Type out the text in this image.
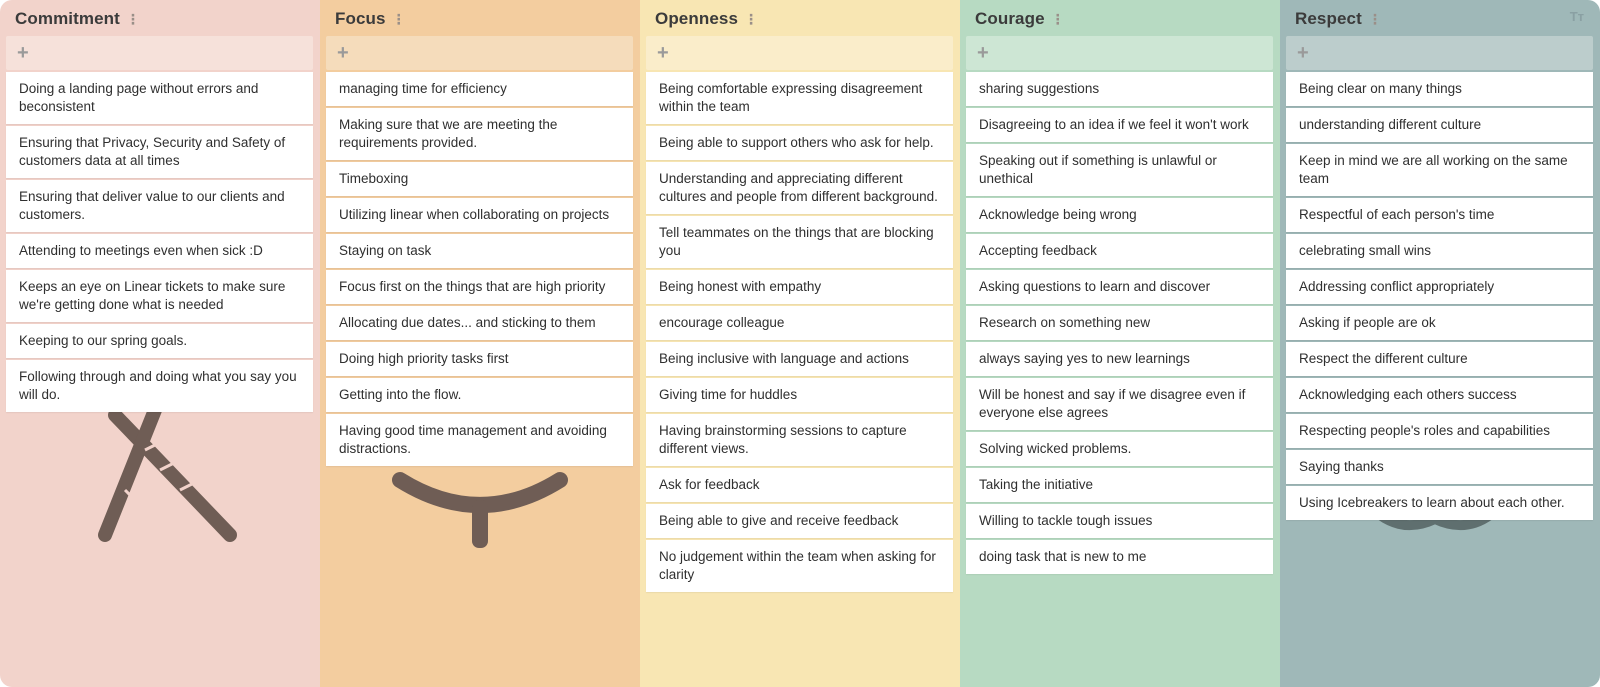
Commitment ⋮
+
Doing a landing page without errors and beconsistent
Ensuring that Privacy, Security and Safety of customers data at all times
Ensuring that deliver value to our clients and customers.
Attending to meetings even when sick :D
Keeps an eye on Linear tickets to make sure we're getting done what is needed
Keeping to our spring goals.
Following through and doing what you say you will do.
Focus ⋮
+
managing time for efficiency
Making sure that we are meeting the requirements provided.
Timeboxing
Utilizing linear when collaborating on projects
Staying on task
Focus first on the things that are high priority
Allocating due dates... and sticking to them
Doing high priority tasks first
Getting into the flow.
Having good time management and avoiding distractions.
Openness ⋮
+
Being comfortable expressing disagreement within the team
Being able to support others who ask for help.
Understanding and appreciating different cultures and people from different background.
Tell teammates on the things that are blocking you
Being honest with empathy
encourage colleague
Being inclusive with language and actions
Giving time for huddles
Having brainstorming sessions to capture different views.
Ask for feedback
Being able to give and receive feedback
No judgement within the team when asking for clarity
Courage ⋮
+
sharing suggestions
Disagreeing to an idea if we feel it won't work
Speaking out if something is unlawful or unethical
Acknowledge being wrong
Accepting feedback
Asking questions to learn and discover
Research on something new
always saying yes to new learnings
Will be honest and say if we disagree even if everyone else agrees
Solving wicked problems.
Taking the initiative
Willing to tackle tough issues
doing task that is new to me
Respect ⋮	Tт
+
Being clear on many things
understanding different culture
Keep in mind we are all working on the same team
Respectful of each person's time
celebrating small wins
Addressing conflict appropriately
Asking if people are ok
Respect the different culture
Acknowledging each others success
Respecting people's roles and capabilities
Saying thanks
Using Icebreakers to learn about each other.
